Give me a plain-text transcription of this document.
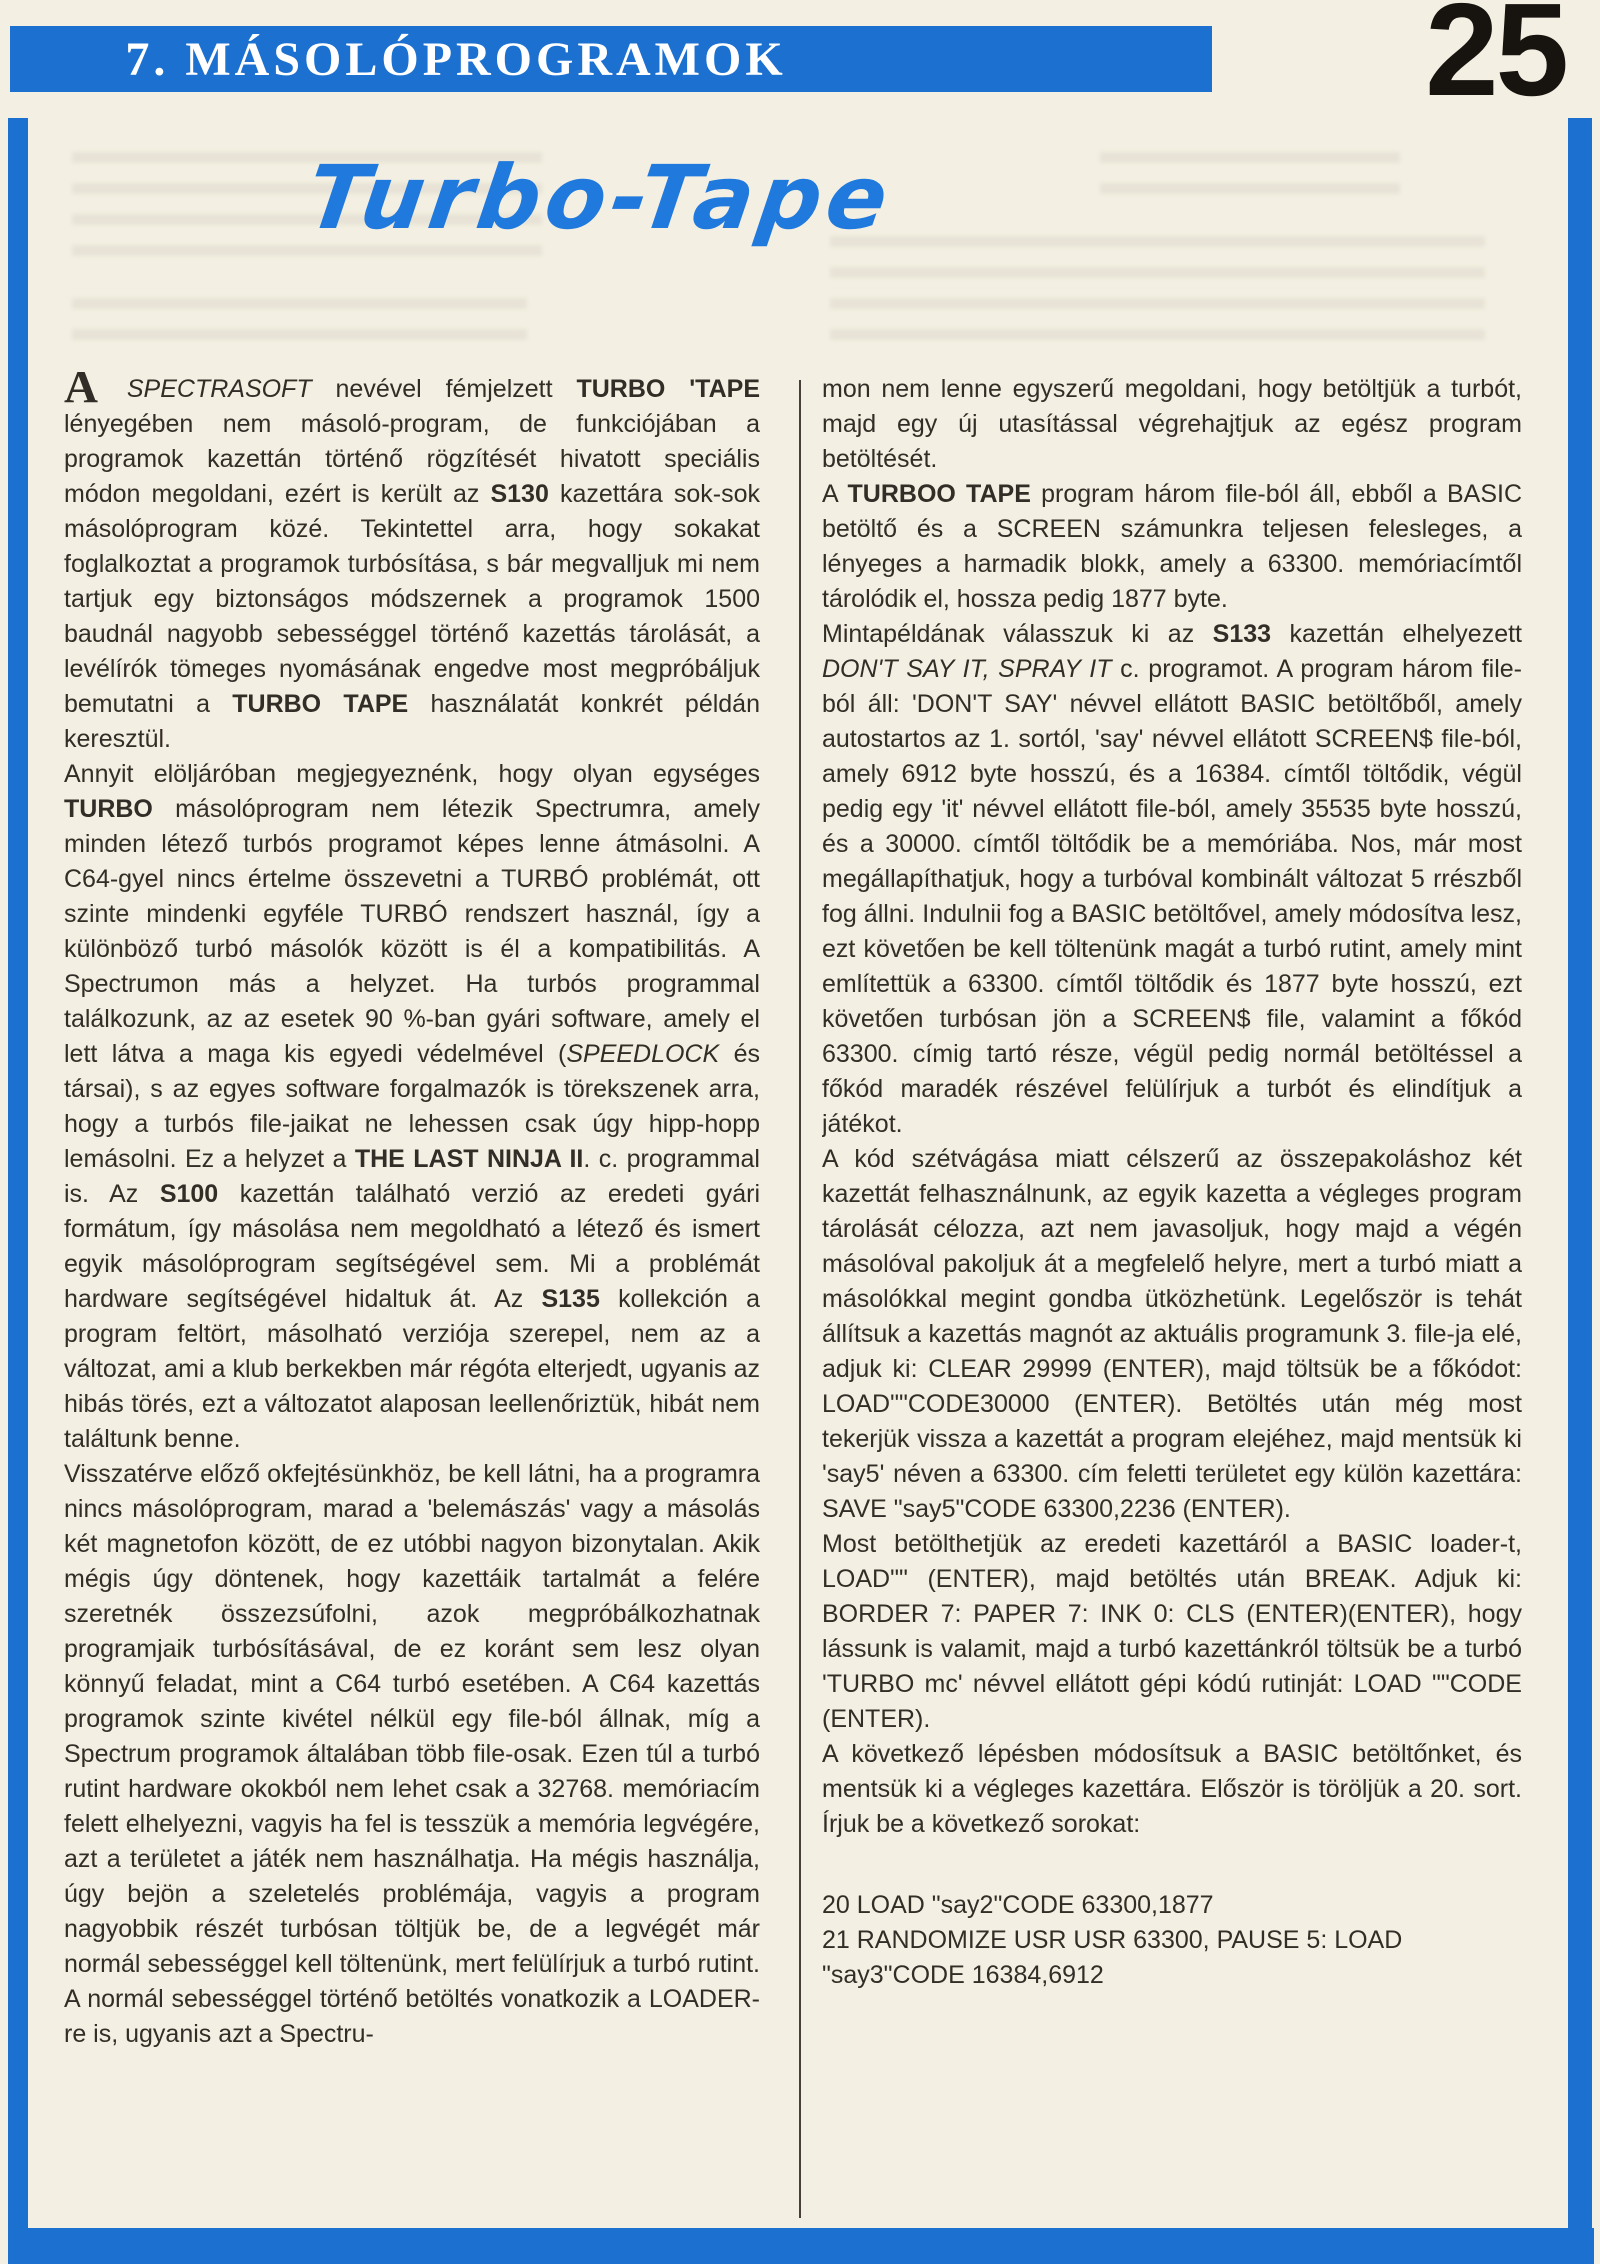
7. MÁSOLÓPROGRAMOK	25
Turbo-Tape

A SPECTRASOFT nevével fémjelzett TURBO 'TAPE lényegében nem másoló-program, de funkciójában a programok kazettán történő rögzítését hivatott speciális módon megoldani, ezért is került az S130 kazettára sok-sok másolóprogram közé. Tekintettel arra, hogy sokakat foglalkoztat a programok turbósítása, s bár megvalljuk mi nem tartjuk egy biztonságos módszernek a programok 1500 baudnál nagyobb sebességgel történő kazettás tárolását, a levélírók tömeges nyomásának engedve most megpróbáljuk bemutatni a TURBO TAPE használatát konkrét példán keresztül.

Annyit elöljáróban megjegyeznénk, hogy olyan egységes TURBO másolóprogram nem létezik Spectrumra, amely minden létező turbós programot képes lenne átmásolni. A C64-gyel nincs értelme összevetni a TURBÓ problémát, ott szinte mindenki egyféle TURBÓ rendszert használ, így a különböző turbó másolók között is él a kompatibilitás. A Spectrumon más a helyzet. Ha turbós programmal találkozunk, az az esetek 90 %-ban gyári software, amely el lett látva a maga kis egyedi védelmével (SPEEDLOCK és társai), s az egyes software forgalmazók is törekszenek arra, hogy a turbós file-jaikat ne lehessen csak úgy hipp-hopp lemásolni. Ez a helyzet a THE LAST NINJA II. c. programmal is. Az S100 kazettán található verzió az eredeti gyári formátum, így másolása nem megoldható a létező és ismert egyik másolóprogram segítségével sem. Mi a problémát hardware segítségével hidaltuk át. Az S135 kollekción a program feltört, másolható verziója szerepel, nem az a változat, ami a klub berkekben már régóta elterjedt, ugyanis az hibás törés, ezt a változatot alaposan leellenőriztük, hibát nem találtunk benne.

Visszatérve előző okfejtésünkhöz, be kell látni, ha a programra nincs másolóprogram, marad a 'belemászás' vagy a másolás két magnetofon között, de ez utóbbi nagyon bizonytalan. Akik mégis úgy döntenek, hogy kazettáik tartalmát a felére szeretnék összezsúfolni, azok megpróbálkozhatnak programjaik turbósításával, de ez koránt sem lesz olyan könnyű feladat, mint a C64 turbó esetében. A C64 kazettás programok szinte kivétel nélkül egy file-ból állnak, míg a Spectrum programok általában több file-osak. Ezen túl a turbó rutint hardware okokból nem lehet csak a 32768. memóriacím felett elhelyezni, vagyis ha fel is tesszük a memória legvégére, azt a területet a játék nem használhatja. Ha mégis használja, úgy bejön a szeletelés problémája, vagyis a program nagyobbik részét turbósan töltjük be, de a legvégét már normál sebességgel kell töltenünk, mert felülírjuk a turbó rutint. A normál sebességgel történő betöltés vonatkozik a LOADER-re is, ugyanis azt a Spectru-

mon nem lenne egyszerű megoldani, hogy betöltjük a turbót, majd egy új utasítással végrehajtjuk az egész program betöltését.

A TURBOO TAPE program három file-ból áll, ebből a BASIC betöltő és a SCREEN számunkra teljesen felesleges, a lényeges a harmadik blokk, amely a 63300. memóriacímtől tárolódik el, hossza pedig 1877 byte.

Mintapéldának válasszuk ki az S133 kazettán elhelyezett DON'T SAY IT, SPRAY IT c. programot. A program három file-ból áll: 'DON'T SAY' névvel ellátott BASIC betöltőből, amely autostartos az 1. sortól, 'say' névvel ellátott SCREEN$ file-ból, amely 6912 byte hosszú, és a 16384. címtől töltődik, végül pedig egy 'it' névvel ellátott file-ból, amely 35535 byte hosszú, és a 30000. címtől töltődik be a memóriába. Nos, már most megállapíthatjuk, hogy a turbóval kombinált változat 5 rrészből fog állni. Indulnii fog a BASIC betöltővel, amely módosítva lesz, ezt követően be kell töltenünk magát a turbó rutint, amely mint említettük a 63300. címtől töltődik és 1877 byte hosszú, ezt követően turbósan jön a SCREEN$ file, valamint a főkód 63300. címig tartó része, végül pedig normál betöltéssel a főkód maradék részével felülírjuk a turbót és elindítjuk a játékot.

A kód szétvágása miatt célszerű az összepakoláshoz két kazettát felhasználnunk, az egyik kazetta a végleges program tárolását célozza, azt nem javasoljuk, hogy majd a végén másolóval pakoljuk át a megfelelő helyre, mert a turbó miatt a másolókkal megint gondba ütközhetünk. Legelőször is tehát állítsuk a kazettás magnót az aktuális programunk 3. file-ja elé, adjuk ki: CLEAR 29999 (ENTER), majd töltsük be a főkódot: LOAD""CODE30000 (ENTER). Betöltés után még most tekerjük vissza a kazettát a program elejéhez, majd mentsük ki 'say5' néven a 63300. cím feletti területet egy külön kazettára: SAVE "say5"CODE 63300,2236 (ENTER).

Most betölthetjük az eredeti kazettáról a BASIC loader-t, LOAD"" (ENTER), majd betöltés után BREAK. Adjuk ki: BORDER 7: PAPER 7: INK 0: CLS (ENTER)(ENTER), hogy lássunk is valamit, majd a turbó kazettánkról töltsük be a turbó 'TURBO mc' névvel ellátott gépi kódú rutinját: LOAD ""CODE (ENTER).

A következő lépésben módosítsuk a BASIC betöltőnket, és mentsük ki a végleges kazettára. Először is töröljük a 20. sort. Írjuk be a következő sorokat:

20 LOAD "say2"CODE 63300,1877

21 RANDOMIZE USR USR 63300, PAUSE 5: LOAD "say3"CODE 16384,6912
